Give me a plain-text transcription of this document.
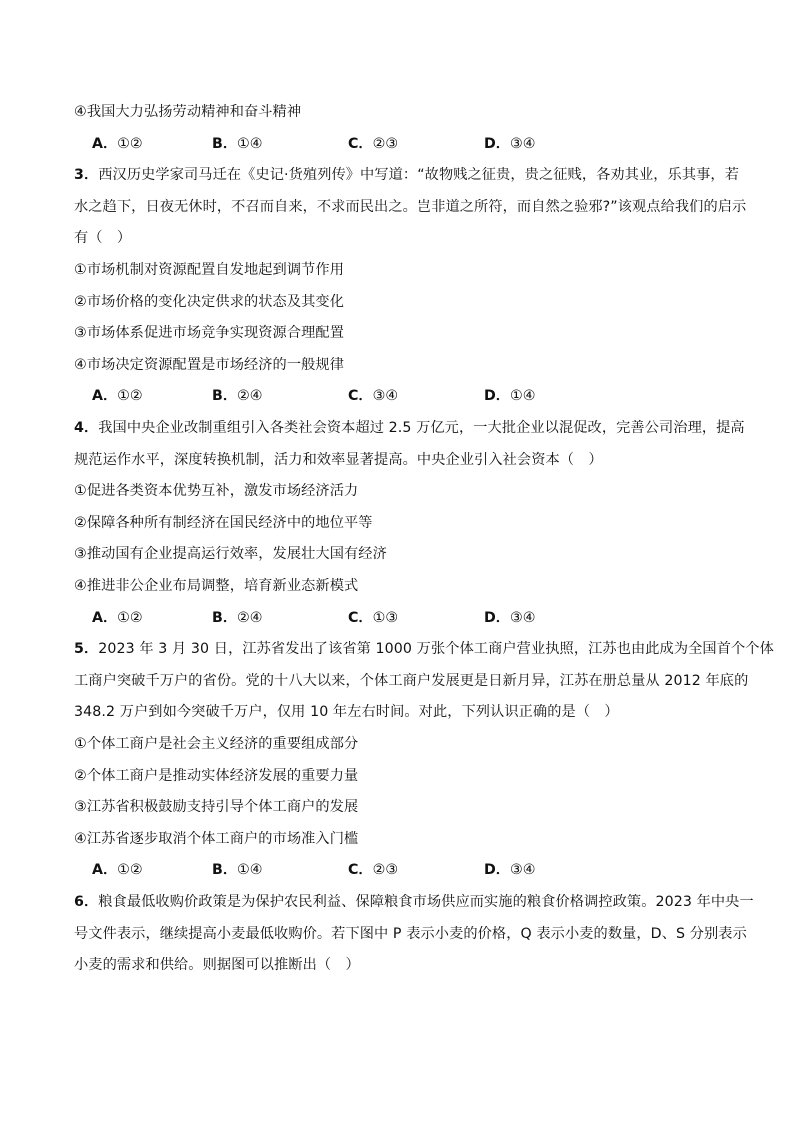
④我国大力弘扬劳动精神和奋斗精神
A．①②	B．①④	C．②③	D．③④
3．西汉历史学家司马迁在《史记·货殖列传》中写道：“故物贱之征贵，贵之征贱，各劝其业，乐其事，若
水之趋下，日夜无休时，不召而自来，不求而民出之。岂非道之所符，而自然之验邪?”该观点给我们的启示
有（　）
①市场机制对资源配置自发地起到调节作用
②市场价格的变化决定供求的状态及其变化
③市场体系促进市场竞争实现资源合理配置
④市场决定资源配置是市场经济的一般规律
A．①②	B．②④	C．③④	D．①④
4．我国中央企业改制重组引入各类社会资本超过 2.5 万亿元，一大批企业以混促改，完善公司治理，提高
规范运作水平，深度转换机制，活力和效率显著提高。中央企业引入社会资本（　）
①促进各类资本优势互补，激发市场经济活力
②保障各种所有制经济在国民经济中的地位平等
③推动国有企业提高运行效率，发展壮大国有经济
④推进非公企业布局调整，培育新业态新模式
A．①②	B．②④	C．①③	D．③④
5．2023 年 3 月 30 日，江苏省发出了该省第 1000 万张个体工商户营业执照，江苏也由此成为全国首个个体
工商户突破千万户的省份。党的十八大以来，个体工商户发展更是日新月异，江苏在册总量从 2012 年底的
348.2 万户到如今突破千万户，仅用 10 年左右时间。对此，下列认识正确的是（　）
①个体工商户是社会主义经济的重要组成部分
②个体工商户是推动实体经济发展的重要力量
③江苏省积极鼓励支持引导个体工商户的发展
④江苏省逐步取消个体工商户的市场准入门槛
A．①②	B．①④	C．②③	D．③④
6．粮食最低收购价政策是为保护农民利益、保障粮食市场供应而实施的粮食价格调控政策。2023 年中央一
号文件表示，继续提高小麦最低收购价。若下图中 P 表示小麦的价格，Q 表示小麦的数量，D、S 分别表示
小麦的需求和供给。则据图可以推断出（　）
